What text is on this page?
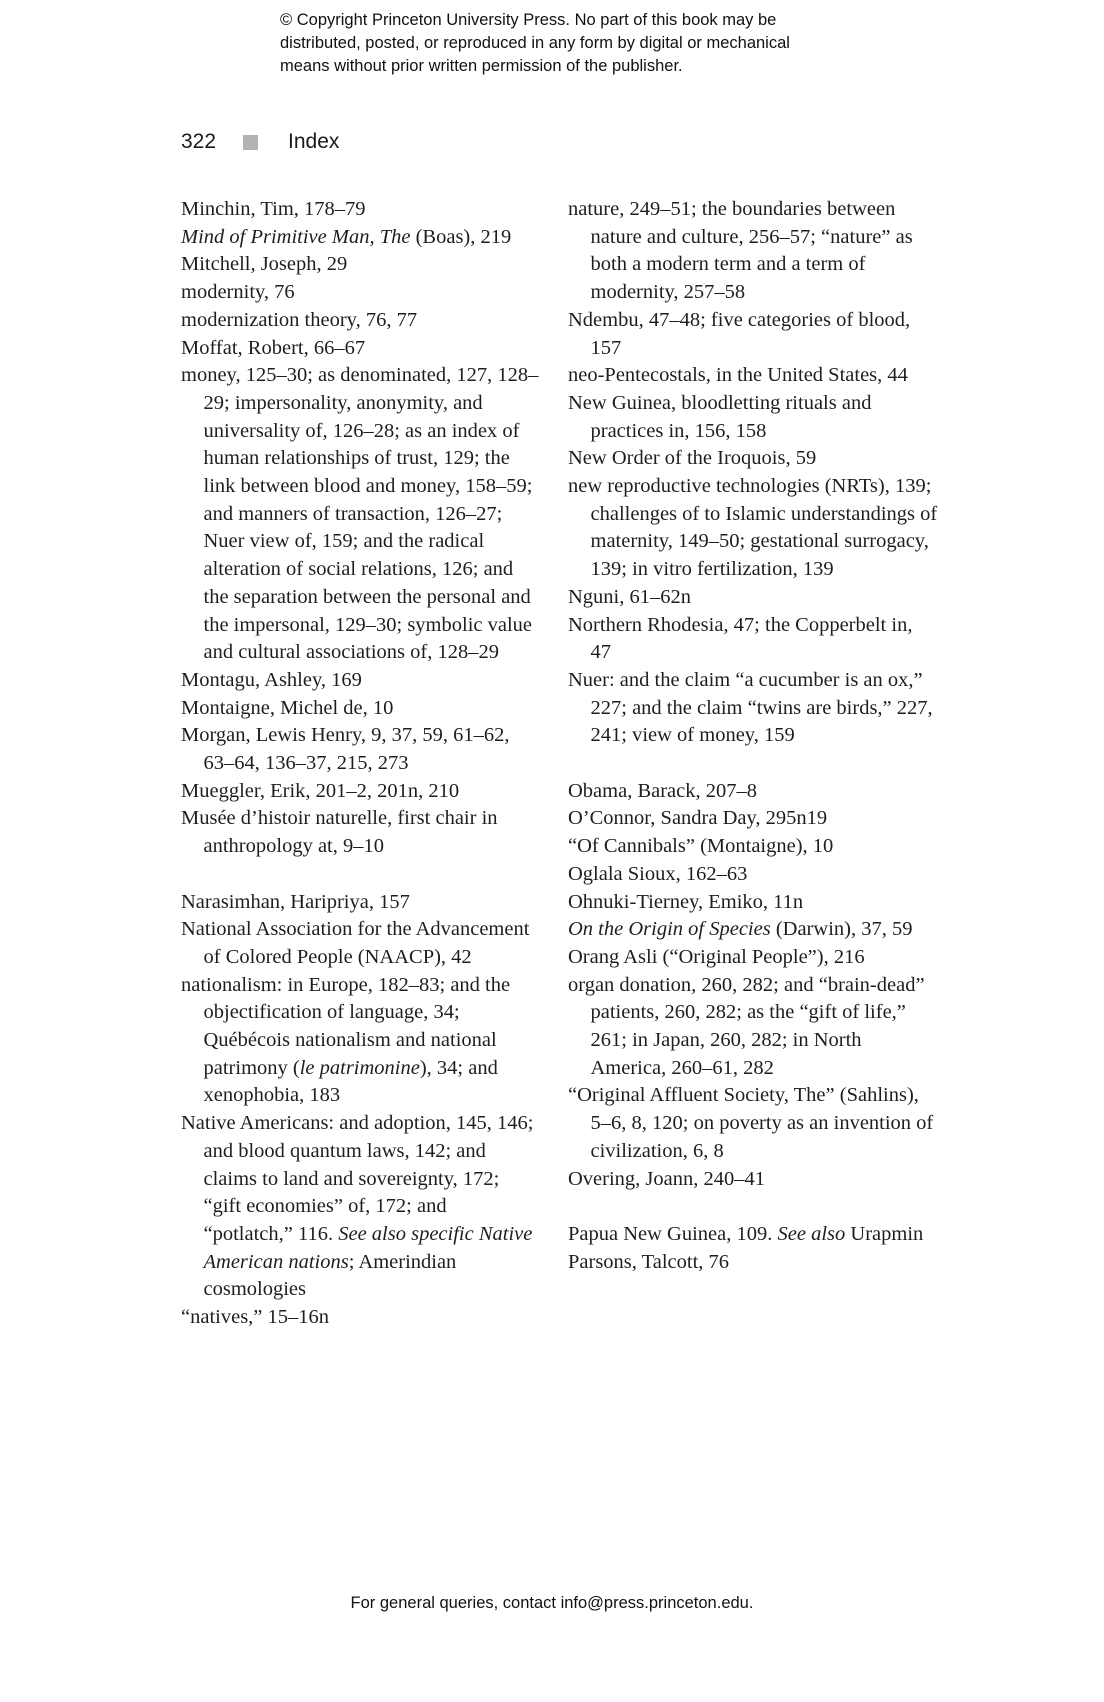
© Copyright Princeton University Press. No part of this book may be
distributed, posted, or reproduced in any form by digital or mechanical
means without prior written permission of the publisher.
322	Index
Minchin, Tim, 178–79
Mind of Primitive Man, The (Boas), 219
Mitchell, Joseph, 29
modernity, 76
modernization theory, 76, 77
Moffat, Robert, 66–67
money, 125–30; as denominated, 127, 128–29; impersonality, anonymity, and universality of, 126–28; as an index of human relationships of trust, 129; the link between blood and money, 158–59; and manners of transaction, 126–27; Nuer view of, 159; and the radical alteration of social relations, 126; and the separation between the personal and the impersonal, 129–30; symbolic value and cultural associations of, 128–29
Montagu, Ashley, 169
Montaigne, Michel de, 10
Morgan, Lewis Henry, 9, 37, 59, 61–62, 63–64, 136–37, 215, 273
Mueggler, Erik, 201–2, 201n, 210
Musée d’histoir naturelle, first chair in anthropology at, 9–10
Narasimhan, Haripriya, 157
National Association for the Advancement of Colored People (NAACP), 42
nationalism: in Europe, 182–83; and the objectification of language, 34; Québécois nationalism and national patrimony (le patrimonine), 34; and xenophobia, 183
Native Americans: and adoption, 145, 146; and blood quantum laws, 142; and claims to land and sovereignty, 172; “gift economies” of, 172; and “potlatch,” 116. See also specific Native American nations; Amerindian cosmologies
“natives,” 15–16n
nature, 249–51; the boundaries between nature and culture, 256–57; “nature” as both a modern term and a term of modernity, 257–58
Ndembu, 47–48; five categories of blood, 157
neo-Pentecostals, in the United States, 44
New Guinea, bloodletting rituals and practices in, 156, 158
New Order of the Iroquois, 59
new reproductive technologies (NRTs), 139; challenges of to Islamic understandings of maternity, 149–50; gestational surrogacy, 139; in vitro fertilization, 139
Nguni, 61–62n
Northern Rhodesia, 47; the Copperbelt in, 47
Nuer: and the claim “a cucumber is an ox,” 227; and the claim “twins are birds,” 227, 241; view of money, 159
Obama, Barack, 207–8
O’Connor, Sandra Day, 295n19
“Of Cannibals” (Montaigne), 10
Oglala Sioux, 162–63
Ohnuki-Tierney, Emiko, 11n
On the Origin of Species (Darwin), 37, 59
Orang Asli (“Original People”), 216
organ donation, 260, 282; and “brain-dead” patients, 260, 282; as the “gift of life,” 261; in Japan, 260, 282; in North America, 260–61, 282
“Original Affluent Society, The” (Sahlins), 5–6, 8, 120; on poverty as an invention of civilization, 6, 8
Overing, Joann, 240–41
Papua New Guinea, 109. See also Urapmin
Parsons, Talcott, 76
For general queries, contact info@press.princeton.edu.
